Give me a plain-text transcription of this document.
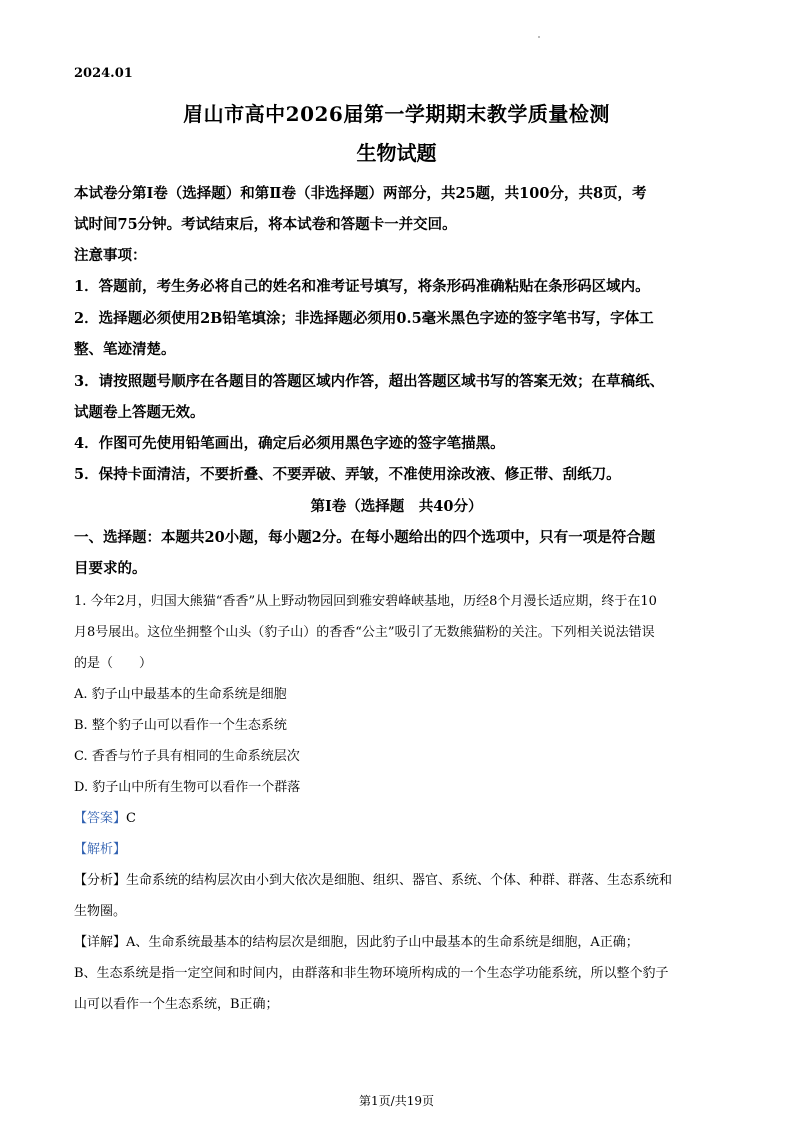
2024.01
眉山市高中2026届第一学期期末教学质量检测
生物试题
本试卷分第Ⅰ卷（选择题）和第Ⅱ卷（非选择题）两部分，共25题，共100分，共8页，考
试时间75分钟。考试结束后，将本试卷和答题卡一并交回。
注意事项：
1．答题前，考生务必将自己的姓名和准考证号填写，将条形码准确粘贴在条形码区域内。
2．选择题必须使用2B铅笔填涂；非选择题必须用0.5毫米黑色字迹的签字笔书写，字体工
整、笔迹清楚。
3．请按照题号顺序在各题目的答题区域内作答，超出答题区域书写的答案无效；在草稿纸、
试题卷上答题无效。
4．作图可先使用铅笔画出，确定后必须用黑色字迹的签字笔描黑。
5．保持卡面清洁，不要折叠、不要弄破、弄皱，不准使用涂改液、修正带、刮纸刀。
第Ⅰ卷（选择题　共40分）
一、选择题：本题共20小题，每小题2分。在每小题给出的四个选项中，只有一项是符合题
目要求的。
1. 今年2月，归国大熊猫“香香”从上野动物园回到雅安碧峰峡基地，历经8个月漫长适应期，终于在10
月8号展出。这位坐拥整个山头（豹子山）的香香“公主”吸引了无数熊猫粉的关注。下列相关说法错误
的是（　　）
A. 豹子山中最基本的生命系统是细胞
B. 整个豹子山可以看作一个生态系统
C. 香香与竹子具有相同的生命系统层次
D. 豹子山中所有生物可以看作一个群落
【答案】C
【解析】
【分析】生命系统的结构层次由小到大依次是细胞、组织、器官、系统、个体、种群、群落、生态系统和
生物圈。
【详解】A、生命系统最基本的结构层次是细胞，因此豹子山中最基本的生命系统是细胞，A正确；
B、生态系统是指一定空间和时间内，由群落和非生物环境所构成的一个生态学功能系统，所以整个豹子
山可以看作一个生态系统，B正确；
第1页/共19页
